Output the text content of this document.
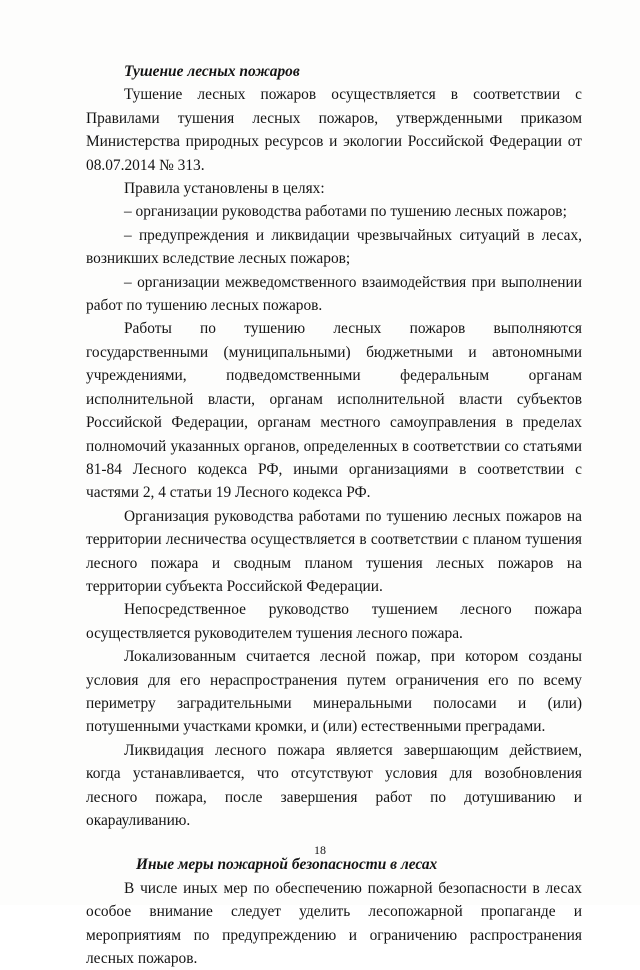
Тушение лесных пожаров

Тушение лесных пожаров осуществляется в соответствии с Правилами тушения лесных пожаров, утвержденными приказом Министерства природных ресурсов и экологии Российской Федерации от 08.07.2014 № 313.

Правила установлены в целях:

– организации руководства работами по тушению лесных пожаров;

– предупреждения и ликвидации чрезвычайных ситуаций в лесах, возникших вследствие лесных пожаров;

– организации межведомственного взаимодействия при выполнении работ по тушению лесных пожаров.

Работы по тушению лесных пожаров выполняются государственными (муниципальными) бюджетными и автономными учреждениями, подведомственными федеральным органам исполнительной власти, органам исполнительной власти субъектов Российской Федерации, органам местного самоуправления в пределах полномочий указанных органов, определенных в соответствии со статьями 81-84 Лесного кодекса РФ, иными организациями в соответствии с частями 2, 4 статьи 19 Лесного кодекса РФ.

Организация руководства работами по тушению лесных пожаров на территории лесничества осуществляется в соответствии с планом тушения лесного пожара и сводным планом тушения лесных пожаров на территории субъекта Российской Федерации.

Непосредственное руководство тушением лесного пожара осуществляется руководителем тушения лесного пожара.

Локализованным считается лесной пожар, при котором созданы условия для его нераспространения путем ограничения его по всему периметру заградительными минеральными полосами и (или) потушенными участками кромки, и (или) естественными преградами.

Ликвидация лесного пожара является завершающим действием, когда устанавливается, что отсутствуют условия для возобновления лесного пожара, после завершения работ по дотушиванию и окарауливанию.

Иные меры пожарной безопасности в лесах

В числе иных мер по обеспечению пожарной безопасности в лесах особое внимание следует уделить лесопожарной пропаганде и мероприятиям по предупреждению и ограничению распространения лесных пожаров.

18
